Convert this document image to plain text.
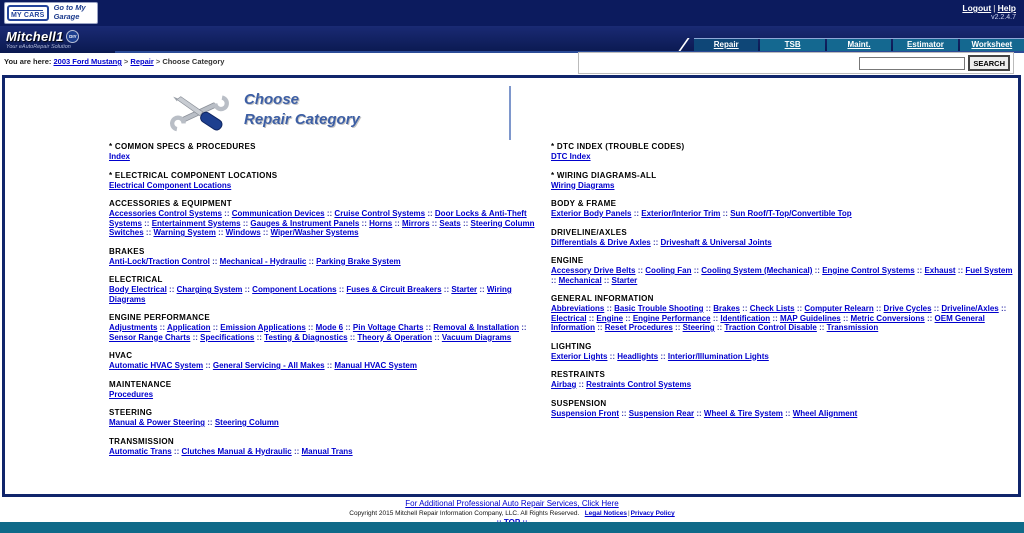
MY CARS
Go to My Garage
Logout | Help
v2.2.4.7
Mitchell1	DIY
Your eAutoRepair Solution	Repair	TSB	Maint.	Estimator	Worksheet
You are here: 2003 Ford Mustang > Repair > Choose Category	SEARCH
Choose
Repair Category
* COMMON SPECS & PROCEDURES
Index
* ELECTRICAL COMPONENT LOCATIONS
Electrical Component Locations
ACCESSORIES & EQUIPMENT
Accessories Control Systems :: Communication Devices :: Cruise Control Systems :: Door Locks & Anti-Theft Systems :: Entertainment Systems :: Gauges & Instrument Panels :: Horns :: Mirrors :: Seats :: Steering Column Switches :: Warning System :: Windows :: Wiper/Washer Systems
BRAKES
Anti-Lock/Traction Control :: Mechanical - Hydraulic :: Parking Brake System
ELECTRICAL
Body Electrical :: Charging System :: Component Locations :: Fuses & Circuit Breakers :: Starter :: Wiring Diagrams
ENGINE PERFORMANCE
Adjustments :: Application :: Emission Applications :: Mode 6 :: Pin Voltage Charts :: Removal & Installation :: Sensor Range Charts :: Specifications :: Testing & Diagnostics :: Theory & Operation :: Vacuum Diagrams
HVAC
Automatic HVAC System :: General Servicing - All Makes :: Manual HVAC System
MAINTENANCE
Procedures
STEERING
Manual & Power Steering :: Steering Column
TRANSMISSION
Automatic Trans :: Clutches Manual & Hydraulic :: Manual Trans
* DTC INDEX (TROUBLE CODES)
DTC Index
* WIRING DIAGRAMS-ALL
Wiring Diagrams
BODY & FRAME
Exterior Body Panels :: Exterior/Interior Trim :: Sun Roof/T-Top/Convertible Top
DRIVELINE/AXLES
Differentials & Drive Axles :: Driveshaft & Universal Joints
ENGINE
Accessory Drive Belts :: Cooling Fan :: Cooling System (Mechanical) :: Engine Control Systems :: Exhaust :: Fuel System :: Mechanical :: Starter
GENERAL INFORMATION
Abbreviations :: Basic Trouble Shooting :: Brakes :: Check Lists :: Computer Relearn :: Drive Cycles :: Driveline/Axles :: Electrical :: Engine :: Engine Performance :: Identification :: MAP Guidelines :: Metric Conversions :: OEM General Information :: Reset Procedures :: Steering :: Traction Control Disable :: Transmission
LIGHTING
Exterior Lights :: Headlights :: Interior/Illumination Lights
RESTRAINTS
Airbag :: Restraints Control Systems
SUSPENSION
Suspension Front :: Suspension Rear :: Wheel & Tire System :: Wheel Alignment
For Additional Professional Auto Repair Services, Click Here
Copyright 2015 Mitchell Repair Information Company, LLC. All Rights Reserved. Legal Notices|Privacy Policy
